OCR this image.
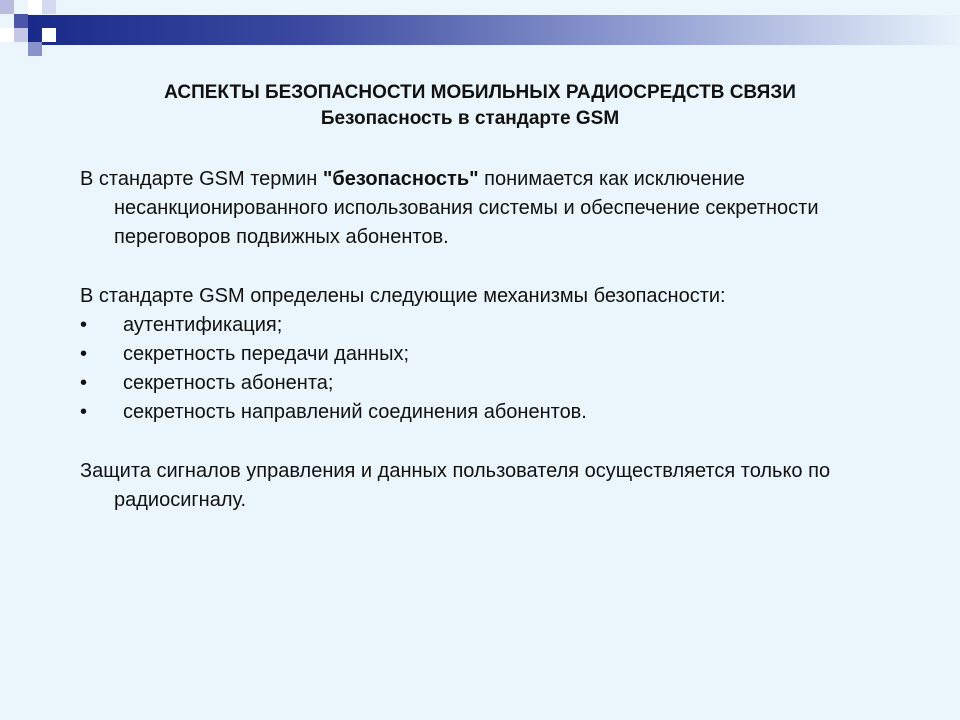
АСПЕКТЫ БЕЗОПАСНОСТИ МОБИЛЬНЫХ РАДИОСРЕДСТВ СВЯЗИ
Безопасность в стандарте GSM

В стандарте GSM термин "безопасность" понимается как исключение несанкционированного использования системы и обеспечение секретности переговоров подвижных абонентов.

В стандарте GSM определены следующие механизмы безопасности:

•	аутентификация;
•	секретность передачи данных;
•	секретность абонента;
•	секретность направлений соединения абонентов.

Защита сигналов управления и данных пользователя осуществляется только по радиосигналу.
